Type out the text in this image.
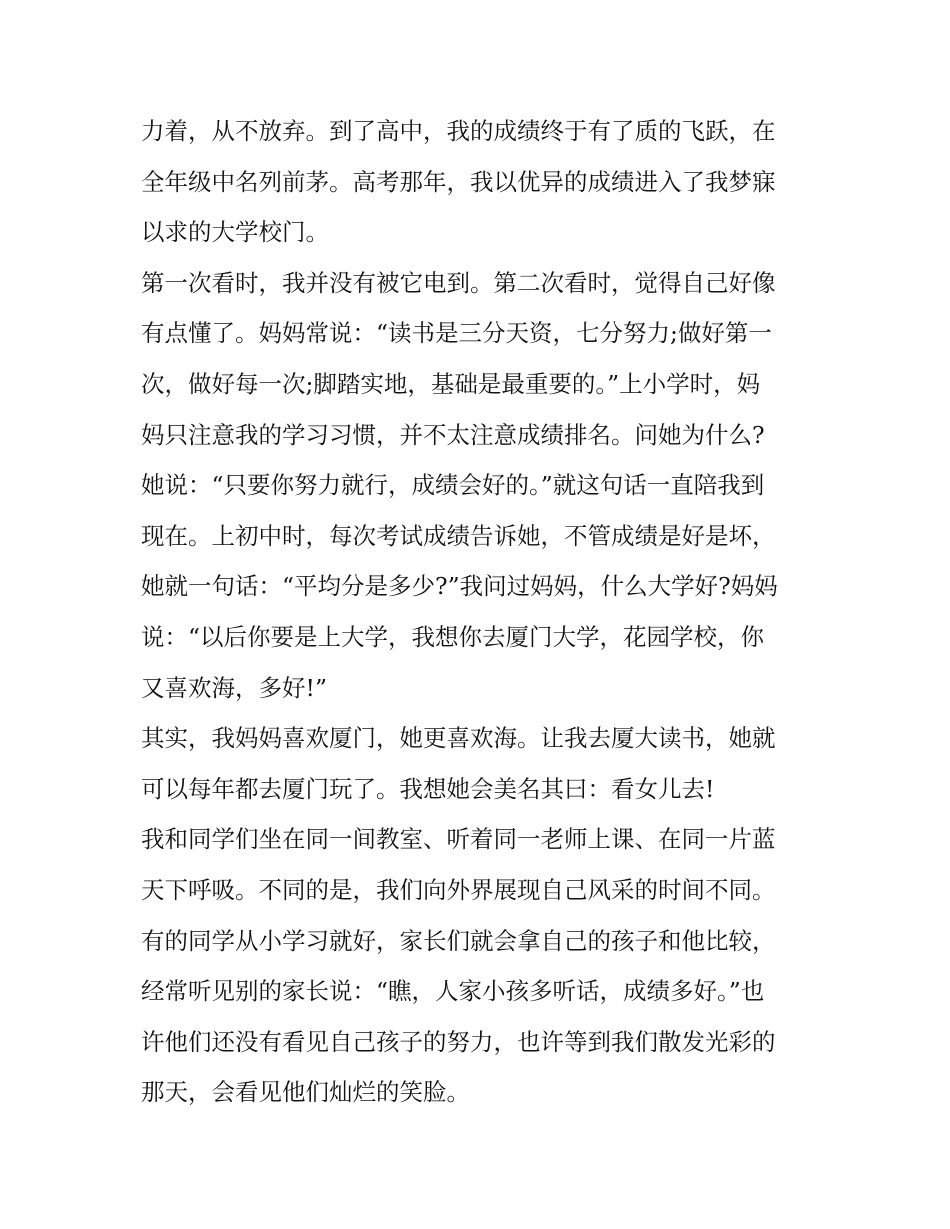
力着，从不放弃。到了高中，我的成绩终于有了质的飞跃，在
全年级中名列前茅。高考那年，我以优异的成绩进入了我梦寐
以求的大学校门。
第一次看时，我并没有被它电到。第二次看时，觉得自己好像
有点懂了。妈妈常说：“读书是三分天资，七分努力;做好第一
次，做好每一次;脚踏实地，基础是最重要的。”上小学时，妈
妈只注意我的学习习惯，并不太注意成绩排名。问她为什么?
她说：“只要你努力就行，成绩会好的。”就这句话一直陪我到
现在。上初中时，每次考试成绩告诉她，不管成绩是好是坏，
她就一句话：“平均分是多少?”我问过妈妈，什么大学好?妈妈
说：“以后你要是上大学，我想你去厦门大学，花园学校，你
又喜欢海，多好!”
其实，我妈妈喜欢厦门，她更喜欢海。让我去厦大读书，她就
可以每年都去厦门玩了。我想她会美名其曰：看女儿去!
我和同学们坐在同一间教室、听着同一老师上课、在同一片蓝
天下呼吸。不同的是，我们向外界展现自己风采的时间不同。
有的同学从小学习就好，家长们就会拿自己的孩子和他比较，
经常听见别的家长说：“瞧，人家小孩多听话，成绩多好。”也
许他们还没有看见自己孩子的努力，也许等到我们散发光彩的
那天，会看见他们灿烂的笑脸。
